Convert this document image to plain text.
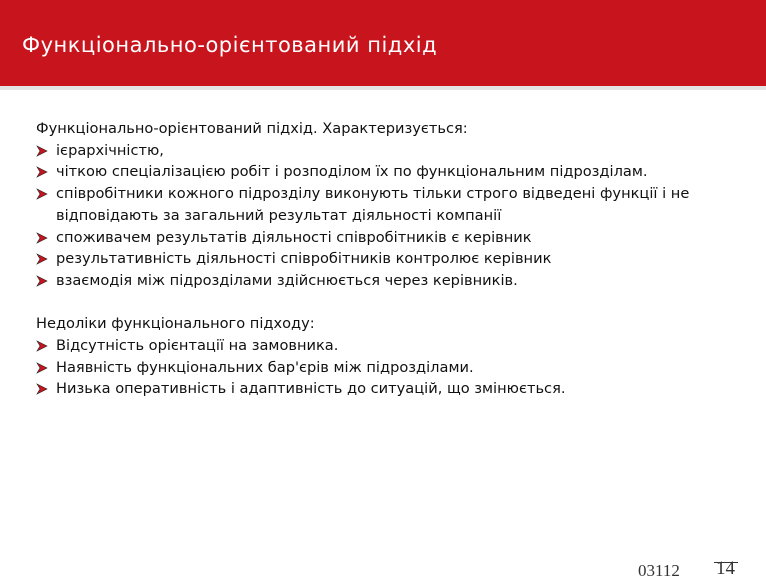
Функціонально-орієнтований підхід

Функціонально-орієнтований підхід. Характеризується:

ієрархічністю,
чіткою спеціалізацією робіт і розподілом їх по функціональним підрозділам.
співробітники кожного підрозділу виконують тільки строго відведені функції і не відповідають за загальний результат діяльності компанії
споживачем результатів діяльності співробітників є керівник
результативність діяльності співробітників контролює керівник
взаємодія між підрозділами здійснюється через керівників.

Недоліки функціонального підходу:

Відсутність орієнтації на замовника.
Наявність функціональних бар'єрів між підрозділами.
Низька оперативність і адаптивність до ситуацій, що змінюється.
03112 14
